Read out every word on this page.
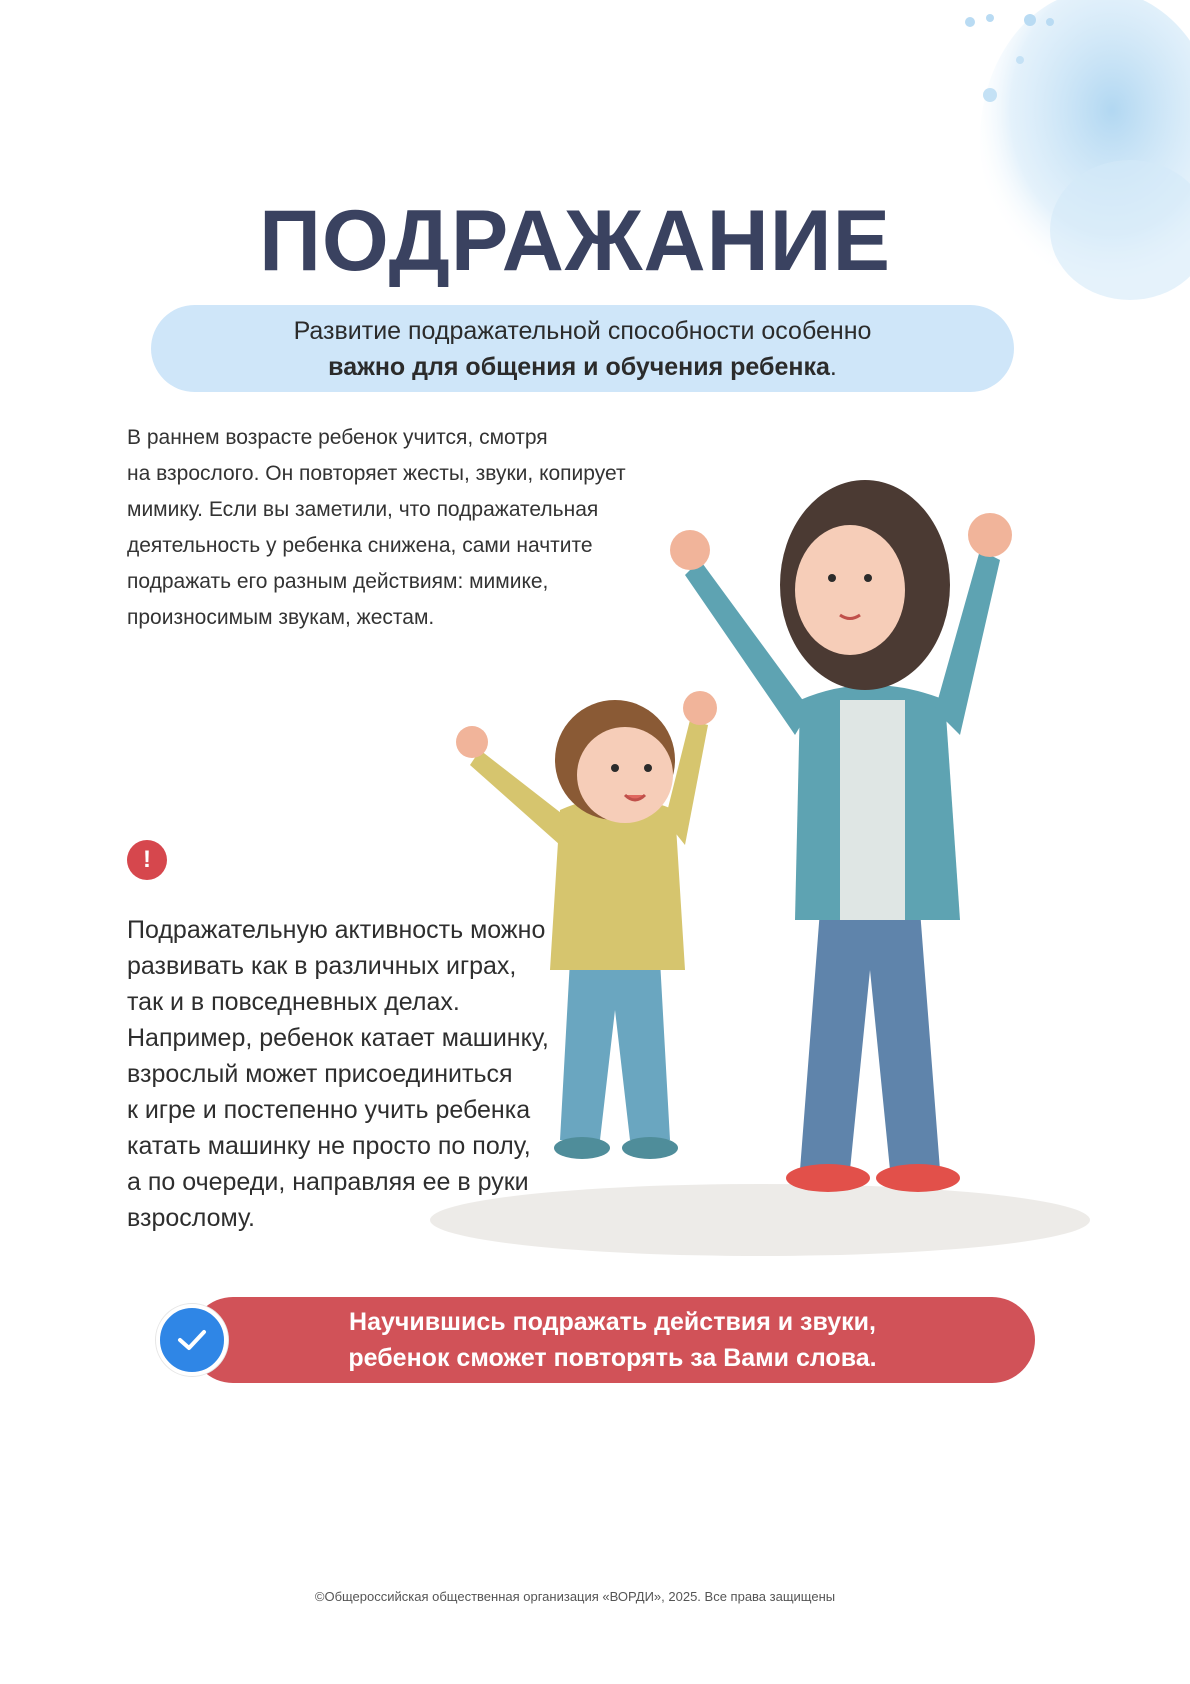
ПОДРАЖАНИЕ
Развитие подражательной способности особенно
важно для общения и обучения ребенка.
В раннем возрасте ребенок учится, смотря
на взрослого. Он повторяет жесты, звуки, копирует
мимику. Если вы заметили, что подражательная
деятельность у ребенка снижена, сами начтите
подражать его разным действиям: мимике,
произносимым звукам, жестам.
!
Подражательную активность можно
развивать как в различных играх,
так и в повседневных делах.
Например, ребенок катает машинку,
взрослый может присоединиться
к игре и постепенно учить ребенка
катать машинку не просто по полу,
а по очереди, направляя ее в руки
взрослому.
Научившись подражать действия и звуки,
ребенок сможет повторять за Вами слова.
©Общероссийская общественная организация «ВОРДИ», 2025. Все права защищены
